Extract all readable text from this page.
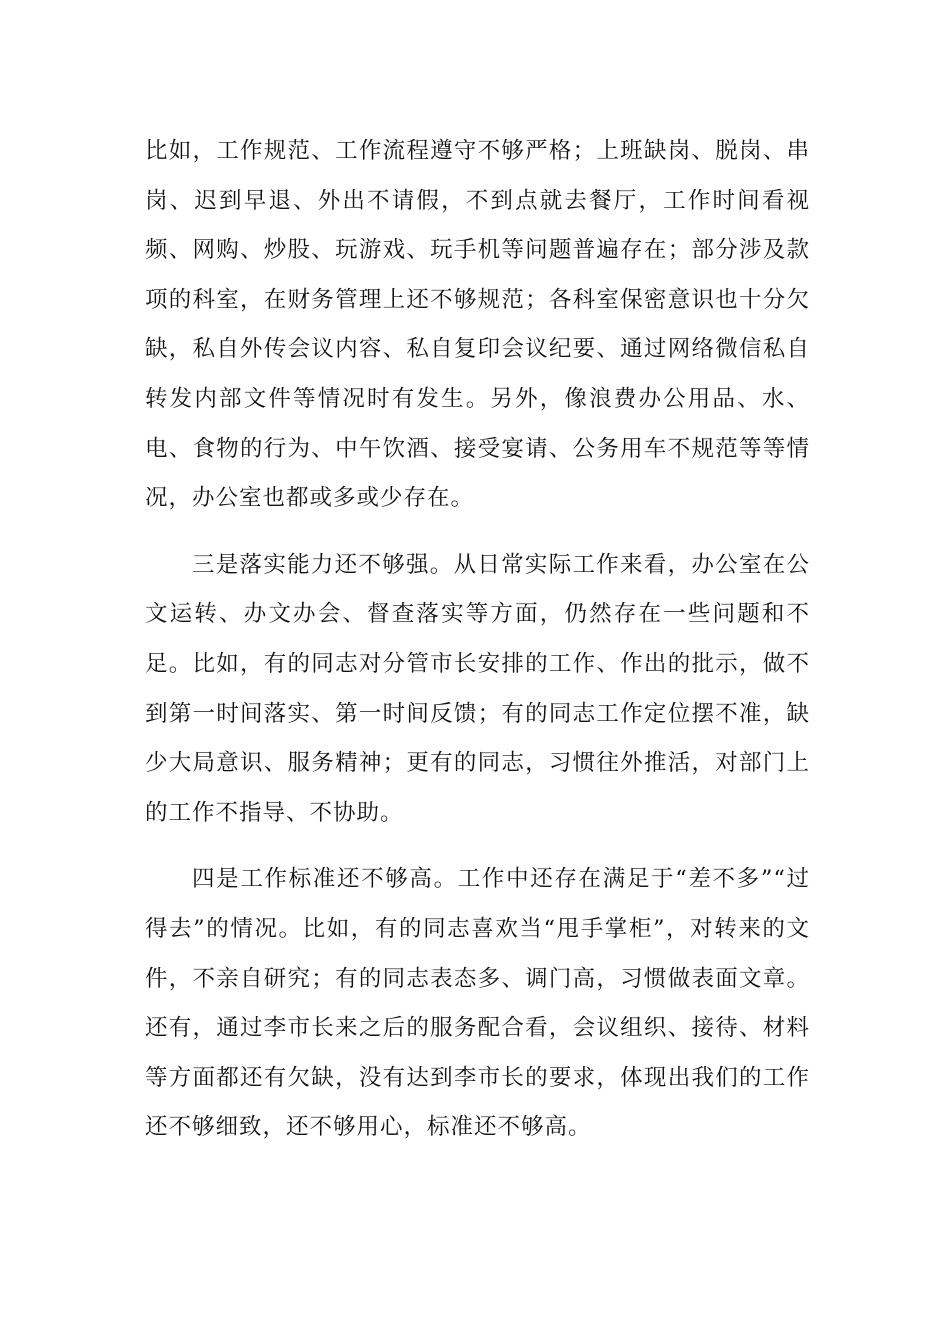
比如，工作规范、工作流程遵守不够严格；上班缺岗、脱岗、串岗、迟到早退、外出不请假，不到点就去餐厅，工作时间看视频、网购、炒股、玩游戏、玩手机等问题普遍存在；部分涉及款项的科室，在财务管理上还不够规范；各科室保密意识也十分欠缺，私自外传会议内容、私自复印会议纪要、通过网络微信私自转发内部文件等情况时有发生。另外，像浪费办公用品、水、电、食物的行为、中午饮酒、接受宴请、公务用车不规范等等情况，办公室也都或多或少存在。

三是落实能力还不够强。从日常实际工作来看，办公室在公文运转、办文办会、督查落实等方面，仍然存在一些问题和不足。比如，有的同志对分管市长安排的工作、作出的批示，做不到第一时间落实、第一时间反馈；有的同志工作定位摆不准，缺少大局意识、服务精神；更有的同志，习惯往外推活，对部门上的工作不指导、不协助。

四是工作标准还不够高。工作中还存在满足于“差不多”“过得去”的情况。比如，有的同志喜欢当“甩手掌柜”，对转来的文件，不亲自研究；有的同志表态多、调门高，习惯做表面文章。还有，通过李市长来之后的服务配合看，会议组织、接待、材料等方面都还有欠缺，没有达到李市长的要求，体现出我们的工作还不够细致，还不够用心，标准还不够高。
